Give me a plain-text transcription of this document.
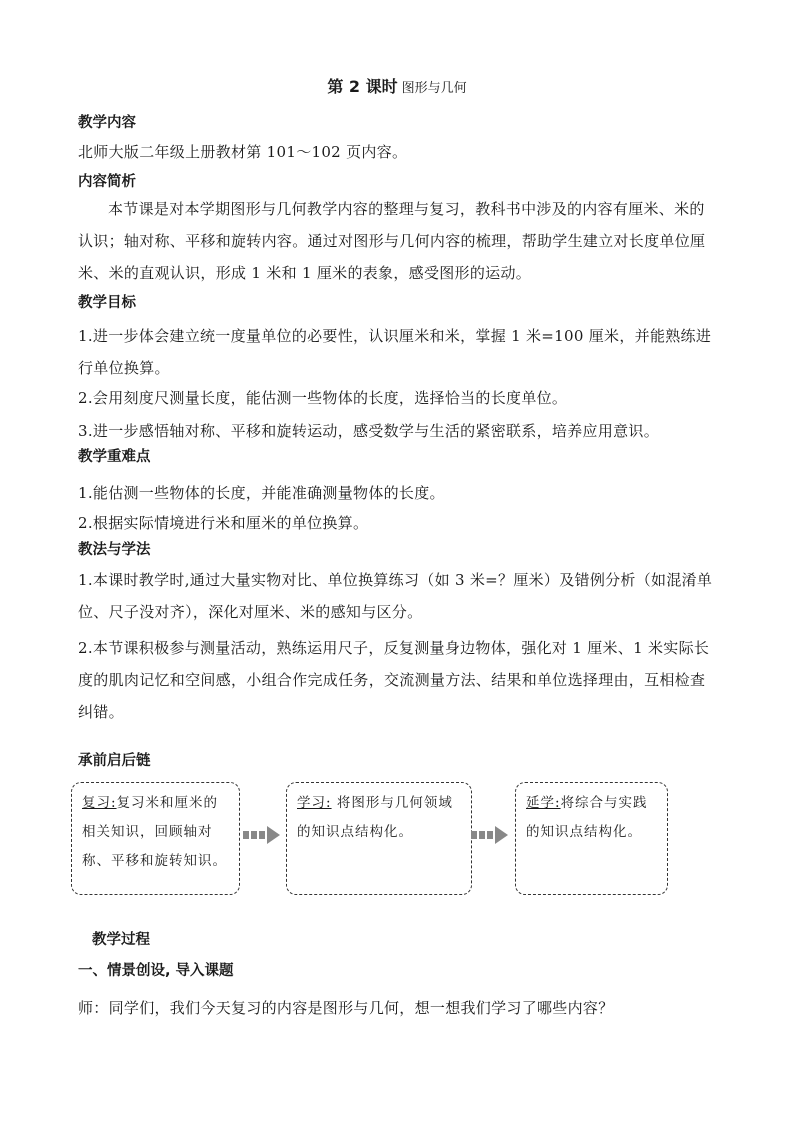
第 2 课时 图形与几何
教学内容
北师大版二年级上册教材第 101～102 页内容。
内容简析
本节课是对本学期图形与几何教学内容的整理与复习，教科书中涉及的内容有厘米、米的认识；轴对称、平移和旋转内容。通过对图形与几何内容的梳理，帮助学生建立对长度单位厘米、米的直观认识，形成 1 米和 1 厘米的表象，感受图形的运动。
教学目标
1.进一步体会建立统一度量单位的必要性，认识厘米和米，掌握 1 米=100 厘米，并能熟练进行单位换算。
2.会用刻度尺测量长度，能估测一些物体的长度，选择恰当的长度单位。
3.进一步感悟轴对称、平移和旋转运动，感受数学与生活的紧密联系，培养应用意识。
教学重难点
1.能估测一些物体的长度，并能准确测量物体的长度。
2.根据实际情境进行米和厘米的单位换算。
教法与学法
1.本课时教学时,通过大量实物对比、单位换算练习（如 3 米=？厘米）及错例分析（如混淆单位、尺子没对齐），深化对厘米、米的感知与区分。
2.本节课积极参与测量活动，熟练运用尺子，反复测量身边物体，强化对 1 厘米、1 米实际长度的肌肉记忆和空间感，小组合作完成任务，交流测量方法、结果和单位选择理由，互相检查纠错。
承前启后链
复习:复习米和厘米的相关知识，回顾轴对称、平移和旋转知识。
学习: 将图形与几何领域的知识点结构化。
延学:将综合与实践的知识点结构化。
教学过程
一、情景创设, 导入课题
师：同学们，我们今天复习的内容是图形与几何，想一想我们学习了哪些内容？
